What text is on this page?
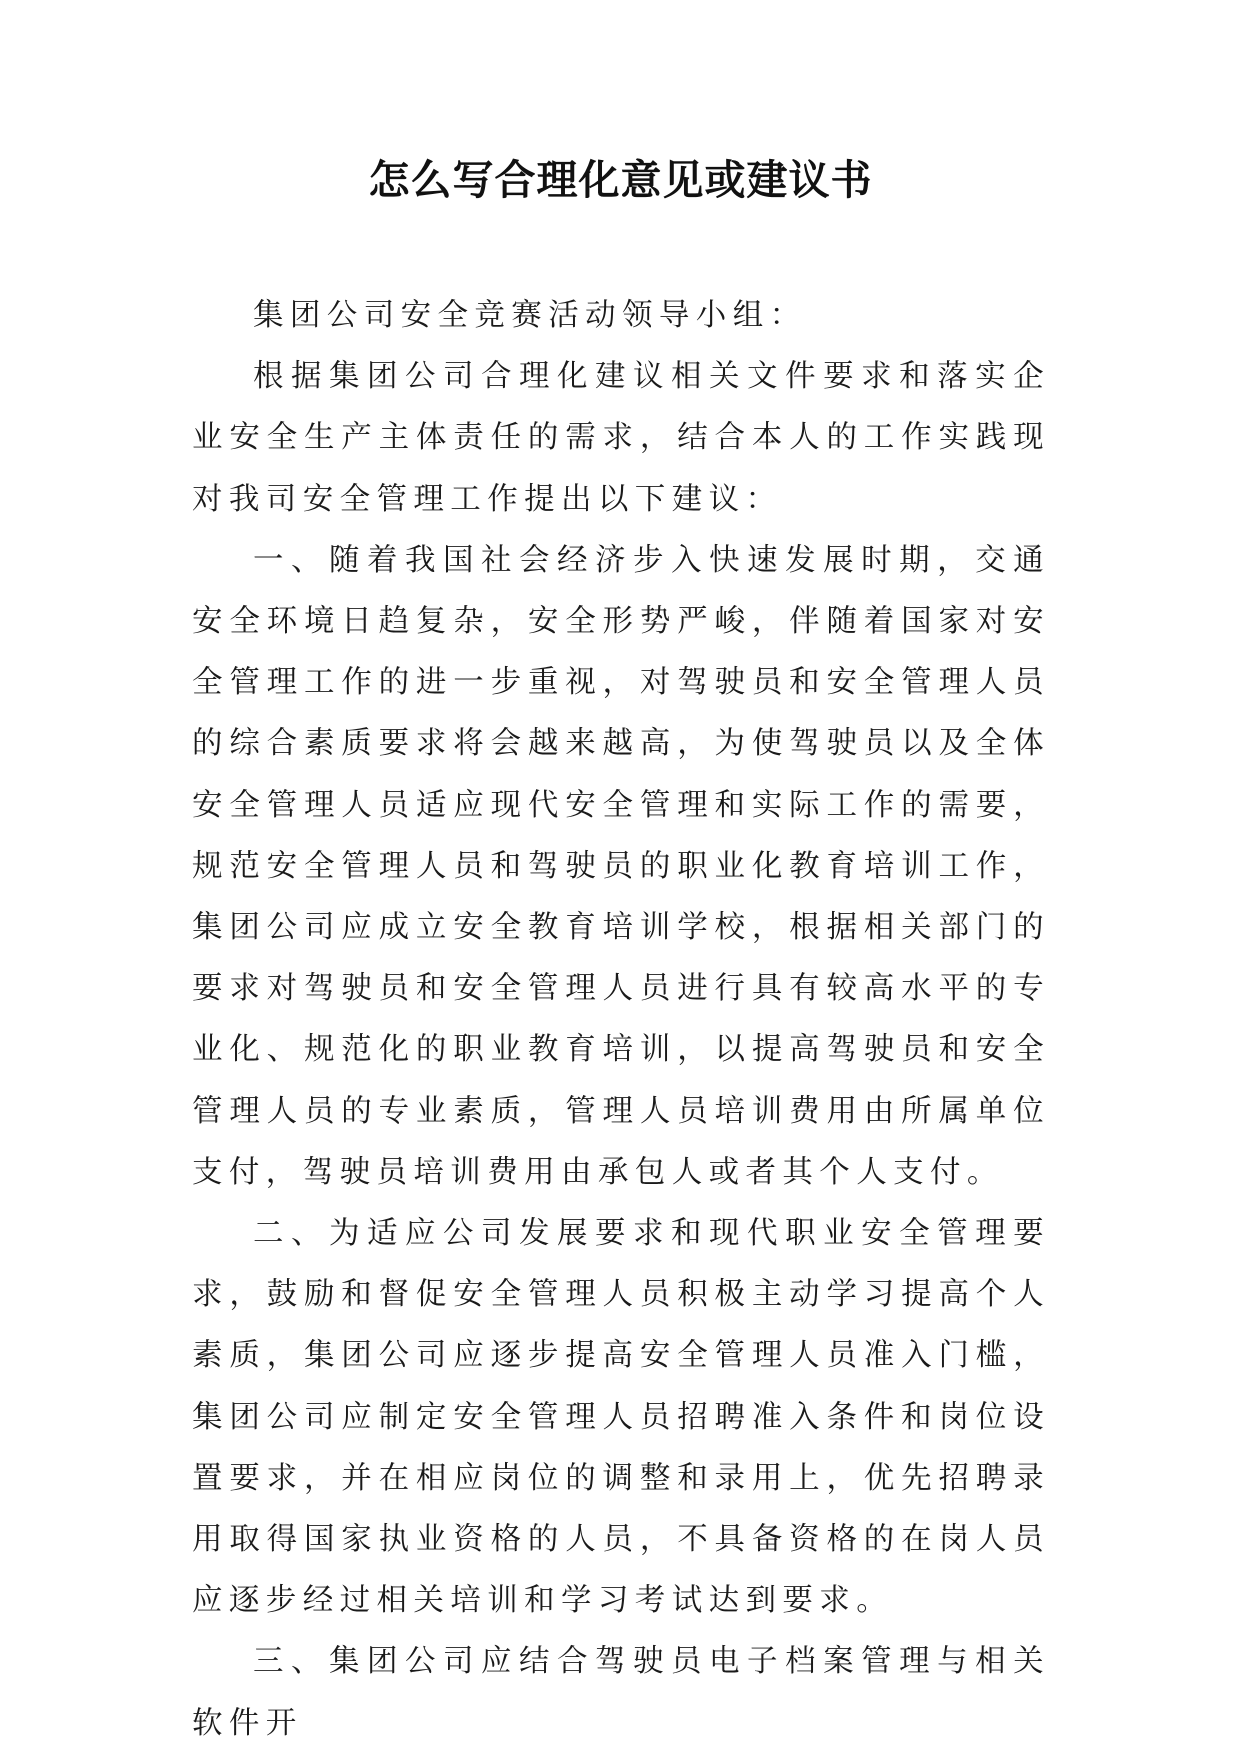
怎么写合理化意见或建议书

集团公司安全竞赛活动领导小组：

根据集团公司合理化建议相关文件要求和落实企业安全生产主体责任的需求，结合本人的工作实践现对我司安全管理工作提出以下建议：

一、随着我国社会经济步入快速发展时期，交通安全环境日趋复杂，安全形势严峻，伴随着国家对安全管理工作的进一步重视，对驾驶员和安全管理人员的综合素质要求将会越来越高，为使驾驶员以及全体安全管理人员适应现代安全管理和实际工作的需要，规范安全管理人员和驾驶员的职业化教育培训工作，集团公司应成立安全教育培训学校，根据相关部门的要求对驾驶员和安全管理人员进行具有较高水平的专业化、规范化的职业教育培训，以提高驾驶员和安全管理人员的专业素质，管理人员培训费用由所属单位支付，驾驶员培训费用由承包人或者其个人支付。

二、为适应公司发展要求和现代职业安全管理要求，鼓励和督促安全管理人员积极主动学习提高个人素质，集团公司应逐步提高安全管理人员准入门槛，集团公司应制定安全管理人员招聘准入条件和岗位设置要求，并在相应岗位的调整和录用上，优先招聘录用取得国家执业资格的人员，不具备资格的在岗人员应逐步经过相关培训和学习考试达到要求。

三、集团公司应结合驾驶员电子档案管理与相关软件开
